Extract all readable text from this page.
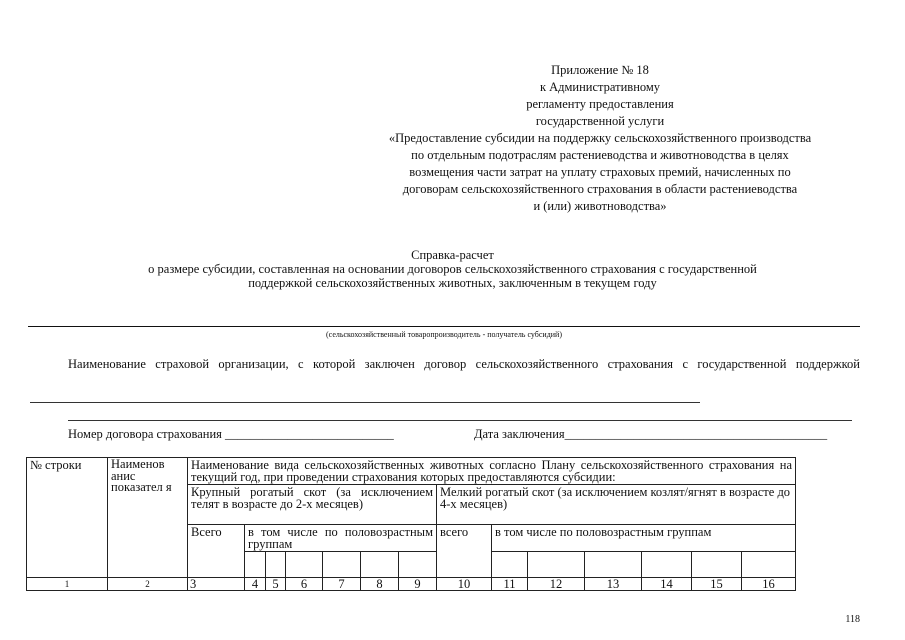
Приложение № 18
к Административному
регламенту предоставления
государственной услуги
«Предоставление субсидии на поддержку сельскохозяйственного производства
по отдельным подотраслям растениеводства и животноводства в целях
возмещения части затрат на уплату страховых премий, начисленных по
договорам сельскохозяйственного страхования в области растениеводства
и (или) животноводства»
Справка-расчет
о размере субсидии, составленная на основании договоров сельскохозяйственного страхования с государственной
поддержкой сельскохозяйственных животных, заключенным в текущем году
(сельскохозяйственный товаропроизводитель - получатель субсидий)
Наименование страховой организации, с которой заключен договор сельскохозяйственного страхования с государственной поддержкой
Номер договора страхования ___________________________	Дата заключения__________________________________________
№ строки	Наименов анис показател я	Наименование вида сельскохозяйственных животных согласно Плану сельскохозяйственного страхования на текущий год, при проведении страхования которых предоставляются субсидии:													
		Крупный рогатый скот (за исключением телят в возрасте до 2-х месяцев)							Мелкий рогатый скот (за исключением козлят/ягнят в возрасте до 4-х месяцев)						
		Всего	в том числе по половозрастным группам						всего	в том числе по половозрастным группам					

1	2	3	4	5	6	7	8	9	10	11	12	13	14	15	16
118
